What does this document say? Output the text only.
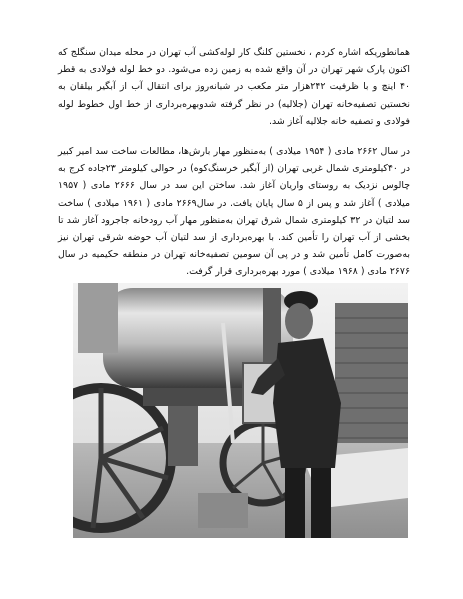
همانطوریکه اشاره کردم ، نخستین کلنگ کار لوله‌کشی آب تهران در محله میدان سنگلج که اکنون پارک شهر تهران در آن واقع شده به زمین زده می‌شود. دو خط لوله فولادی به قطر ۴۰ اینچ و با ظرفیت ۲۴۲هزار متر مکعب در شبانه‌روز برای انتقال آب از آبگیر بیلقان به نخستین تصفیه‌خانه تهران (جلالیه) در نظر گرفته شدوبهره‌برداری از خط اول خطوط لوله فولادی و تصفیه خانه جلالیه آغاز شد.

در سال ۲۶۶۲ مادی ( ۱۹۵۴ میلادی ) به‌منظور مهار بارش‌ها، مطالعات ساخت سد امیر کبیر در ۴۰کیلومتری شمال غربی تهران (از آبگیر خرسنگ‌کوه) در حوالی کیلومتر ۲۳جاده کرج به چالوس نزدیک به روستای واریان آغاز شد. ساختن این سد در سال ۲۶۶۶ مادی ( ۱۹۵۷ میلادی ) آغاز شد و پس از ۵ سال پایان یافت. در سال۲۶۶۹ مادی ( ۱۹۶۱ میلادی ) ساخت سد لتیان در ۳۲ کیلومتری شمال شرق تهران به‌منظور مهار آب رودخانه جاجرود آغاز شد تا بخشی از آب تهران را تأمین کند. با بهره‌برداری از سد لتیان آب حوضه شرقی تهران نیز به‌صورت کامل تأمین شد و در پی آن سومین تصفیه‌خانه تهران در منطقه حکیمیه در سال ۲۶۷۶ مادی ( ۱۹۶۸ میلادی ) مورد بهره‌برداری قرار گرفت.
